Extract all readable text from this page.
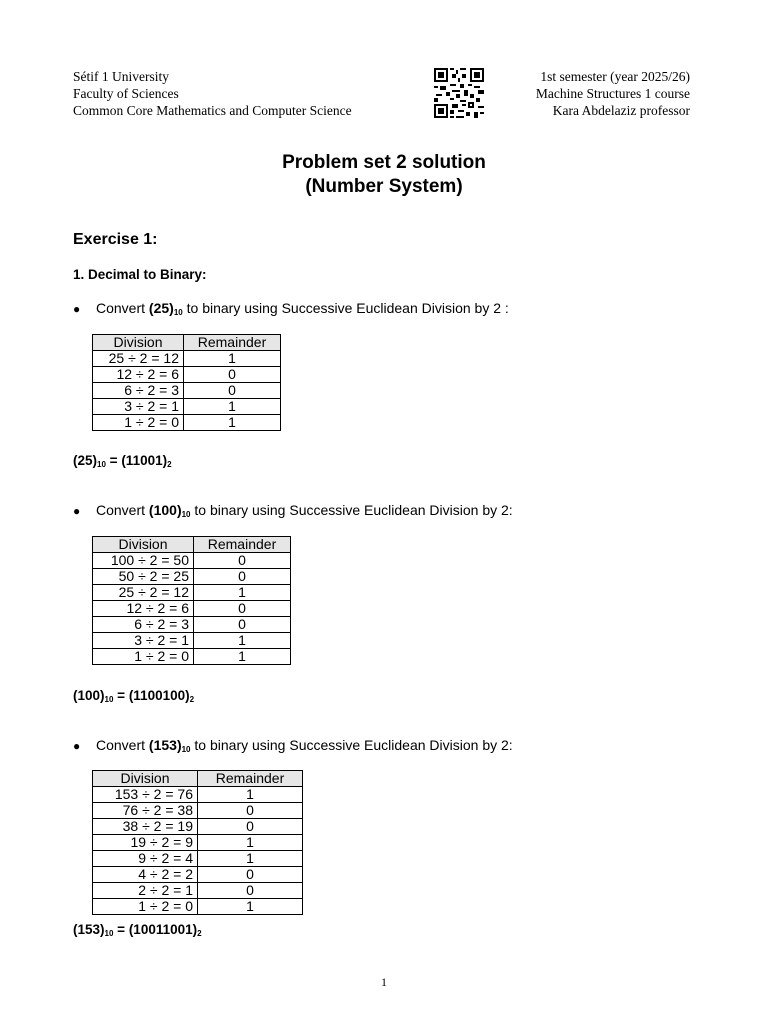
Sétif 1 University
Faculty of Sciences
Common Core Mathematics and Computer Science
1st semester (year 2025/26)
Machine Structures 1 course
Kara Abdelaziz professor
Problem set 2 solution
(Number System)
Exercise 1:
1. Decimal to Binary:
● Convert $(25)_{10}$ to binary using Successive Euclidean Division by 2 :
Division	Remainder
25 ÷ 2 = 12	1
12 ÷ 2 = 6	0
6 ÷ 2 = 3	0
3 ÷ 2 = 1	1
1 ÷ 2 = 0	1
$(25)_{10} = (11001)_2$
● Convert $(100)_{10}$ to binary using Successive Euclidean Division by 2:
Division	Remainder
100 ÷ 2 = 50	0
50 ÷ 2 = 25	0
25 ÷ 2 = 12	1
12 ÷ 2 = 6	0
6 ÷ 2 = 3	0
3 ÷ 2 = 1	1
1 ÷ 2 = 0	1
$(100)_{10} = (1100100)_2$
● Convert $(153)_{10}$ to binary using Successive Euclidean Division by 2:
Division	Remainder
153 ÷ 2 = 76	1
76 ÷ 2 = 38	0
38 ÷ 2 = 19	0
19 ÷ 2 = 9	1
9 ÷ 2 = 4	1
4 ÷ 2 = 2	0
2 ÷ 2 = 1	0
1 ÷ 2 = 0	1
$(153)_{10} = (10011001)_2$
1
